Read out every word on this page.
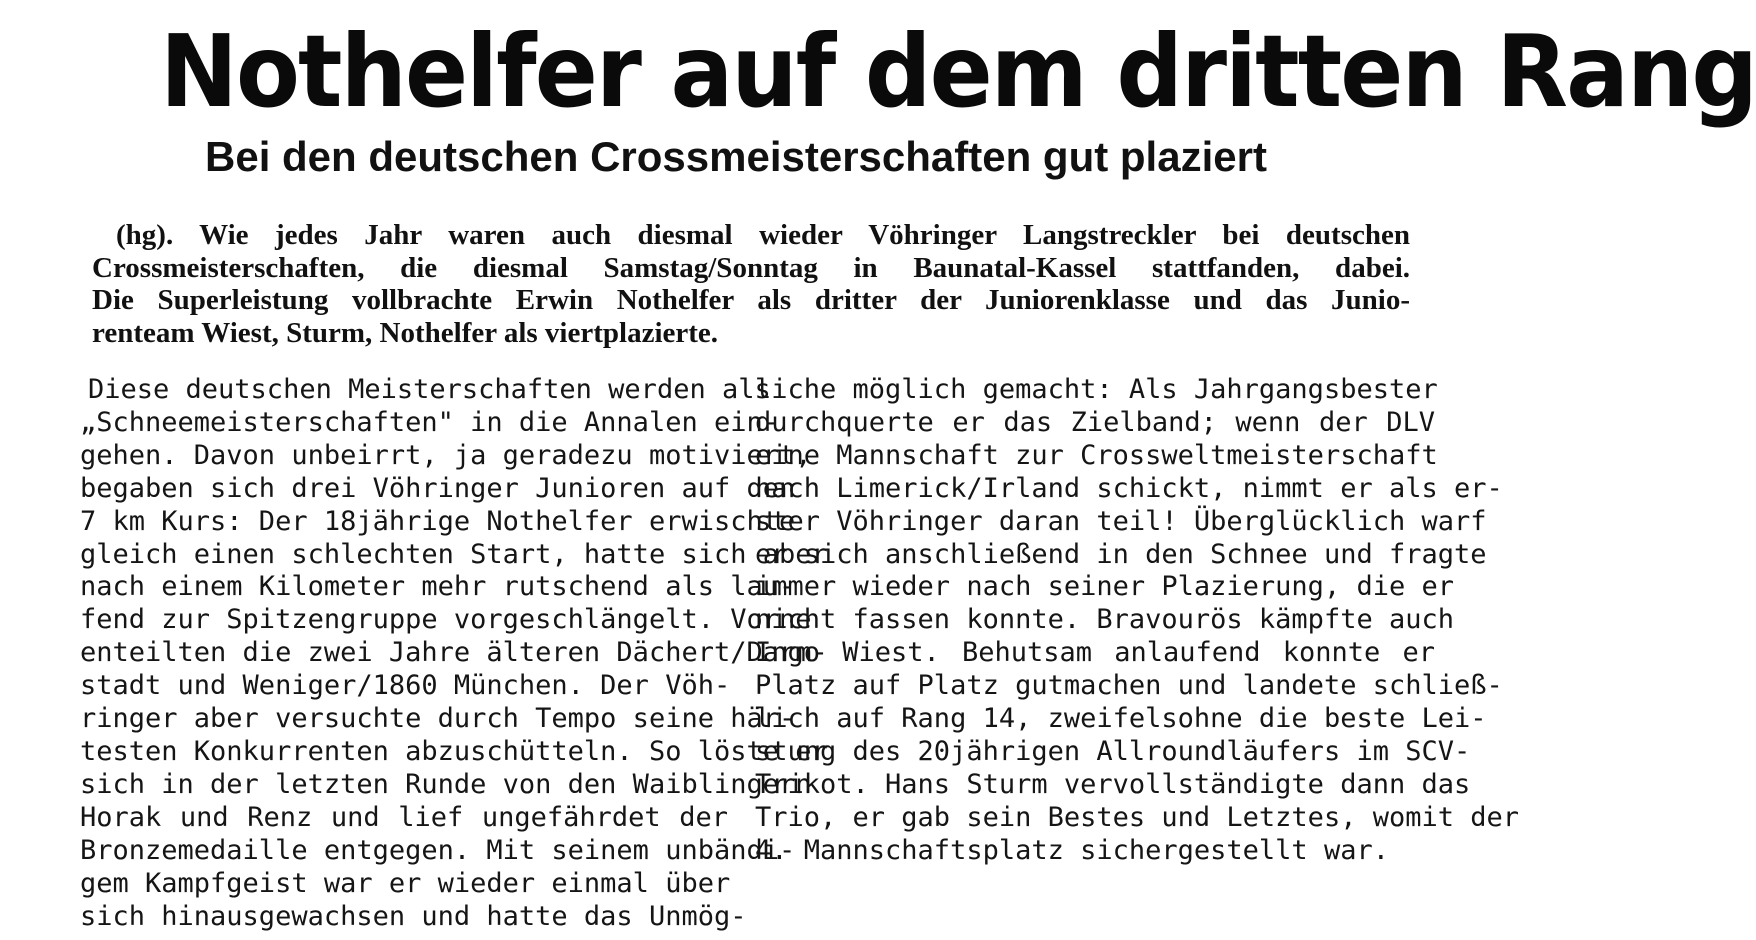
Nothelfer auf dem dritten Rang
Bei den deutschen Crossmeisterschaften gut plaziert
(hg). Wie jedes Jahr waren auch diesmal wieder Vöhringer Langstreckler bei deutschen
Crossmeisterschaften, die diesmal Samstag/Sonntag in Baunatal-Kassel stattfanden, dabei.
Die Superleistung vollbrachte Erwin Nothelfer als dritter der Juniorenklasse und das Junio-
renteam Wiest, Sturm, Nothelfer als viertplazierte.
Diese deutschen Meisterschaften werden als
„Schneemeisterschaften" in die Annalen ein-
gehen. Davon unbeirrt, ja geradezu motiviert,
begaben sich drei Vöhringer Junioren auf den
7 km Kurs: Der 18jährige Nothelfer erwischte
gleich einen schlechten Start, hatte sich aber
nach einem Kilometer mehr rutschend als lau-
fend zur Spitzengruppe vorgeschlängelt. Vorne
enteilten die zwei Jahre älteren Dächert/Darm-
stadt und Weniger/1860 München. Der Vöh-
ringer aber versuchte durch Tempo seine här-
testen Konkurrenten abzuschütteln. So löste er
sich in der letzten Runde von den Waiblingern
Horak und Renz und lief ungefährdet der
Bronzemedaille entgegen. Mit seinem unbändi-
gem Kampfgeist war er wieder einmal über
sich hinausgewachsen und hatte das Unmög-
liche möglich gemacht: Als Jahrgangsbester
durchquerte er das Zielband; wenn der DLV
eine Mannschaft zur Crossweltmeisterschaft
nach Limerick/Irland schickt, nimmt er als er-
ster Vöhringer daran teil! Überglücklich warf
er sich anschließend in den Schnee und fragte
immer wieder nach seiner Plazierung, die er
nicht fassen konnte. Bravourös kämpfte auch
Ingo Wiest. Behutsam anlaufend konnte er
Platz auf Platz gutmachen und landete schließ-
lich auf Rang 14, zweifelsohne die beste Lei-
stung des 20jährigen Allroundläufers im SCV-
Trikot. Hans Sturm vervollständigte dann das
Trio, er gab sein Bestes und Letztes, womit der
4. Mannschaftsplatz sichergestellt war.
